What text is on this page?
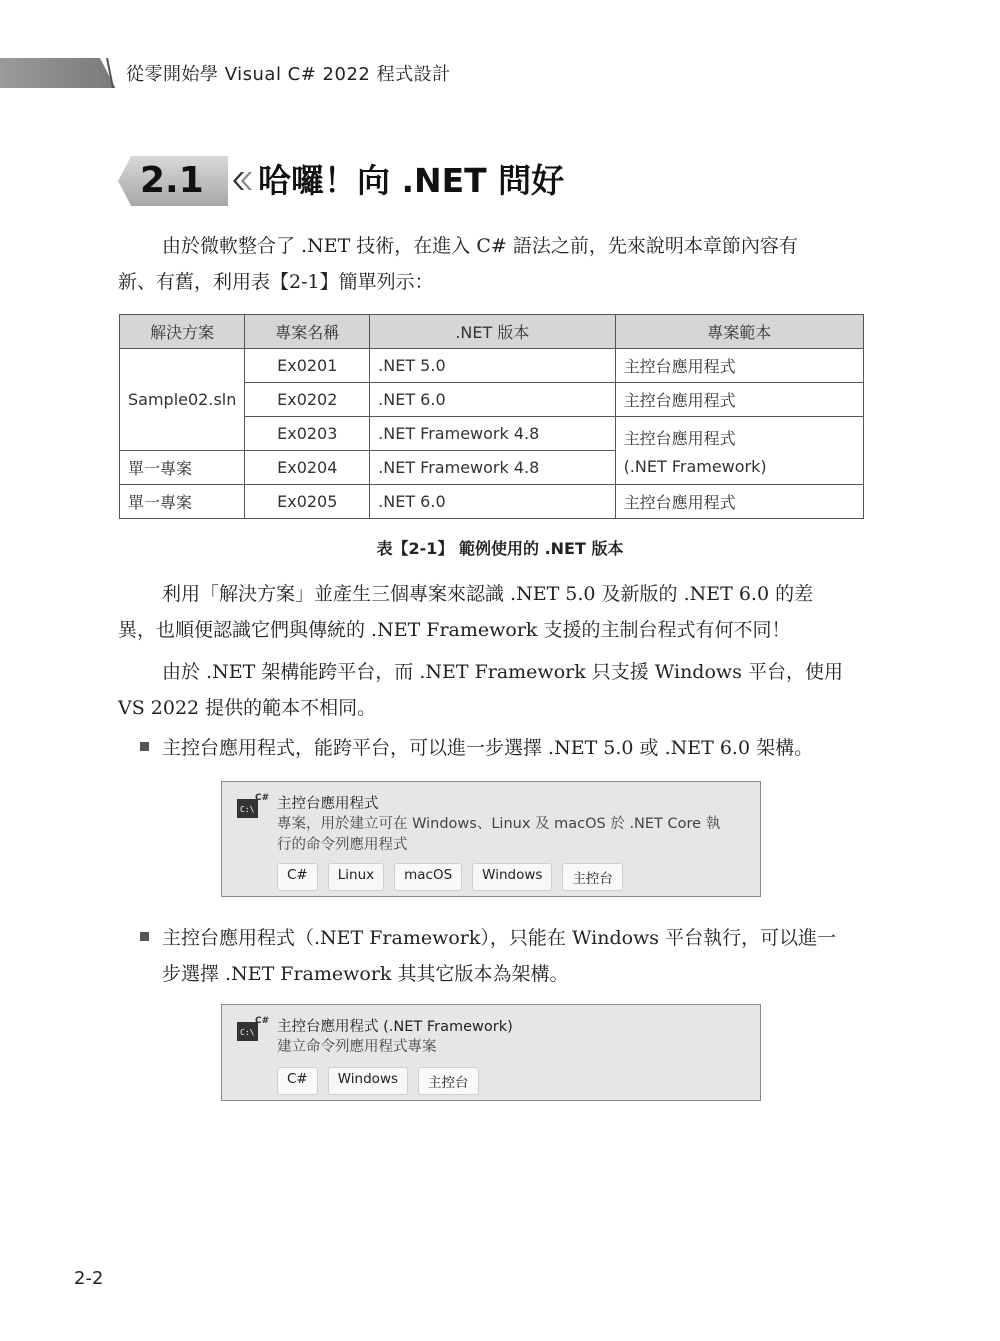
從零開始學 Visual C# 2022 程式設計
2.1	哈囉！向 .NET 問好

由於微軟整合了 .NET 技術，在進入 C# 語法之前，先來說明本章節內容有
新、有舊，利用表【2-1】簡單列示：

解決方案	專案名稱	.NET 版本	專案範本
Sample02.sln	Ex0201	.NET 5.0	主控台應用程式
	Ex0202	.NET 6.0	主控台應用程式
	Ex0203	.NET Framework 4.8	主控台應用程式
(.NET Framework)

單一專案	Ex0204	.NET Framework 4.8	
單一專案	Ex0205	.NET 6.0	主控台應用程式
表【2-1】 範例使用的 .NET 版本

利用「解決方案」並產生三個專案來認識 .NET 5.0 及新版的 .NET 6.0 的差
異，也順便認識它們與傳統的 .NET Framework 支援的主制台程式有何不同！

由於 .NET 架構能跨平台，而 .NET Framework 只支援 Windows 平台，使用
VS 2022 提供的範本不相同。

主控台應用程式，能跨平台，可以進一步選擇 .NET 5.0 或 .NET 6.0 架構。

C:\
C# 主控台應用程式
專案，用於建立可在 Windows、Linux 及 macOS 於 .NET Core 執
行的命令列應用程式
C#	Linux	macOS	Windows	主控台

主控台應用程式（.NET Framework），只能在 Windows 平台執行，可以進一
步選擇 .NET Framework 其其它版本為架構。

C:\
C# 主控台應用程式 (.NET Framework)
建立命令列應用程式專案
C#	Windows	主控台
2-2
